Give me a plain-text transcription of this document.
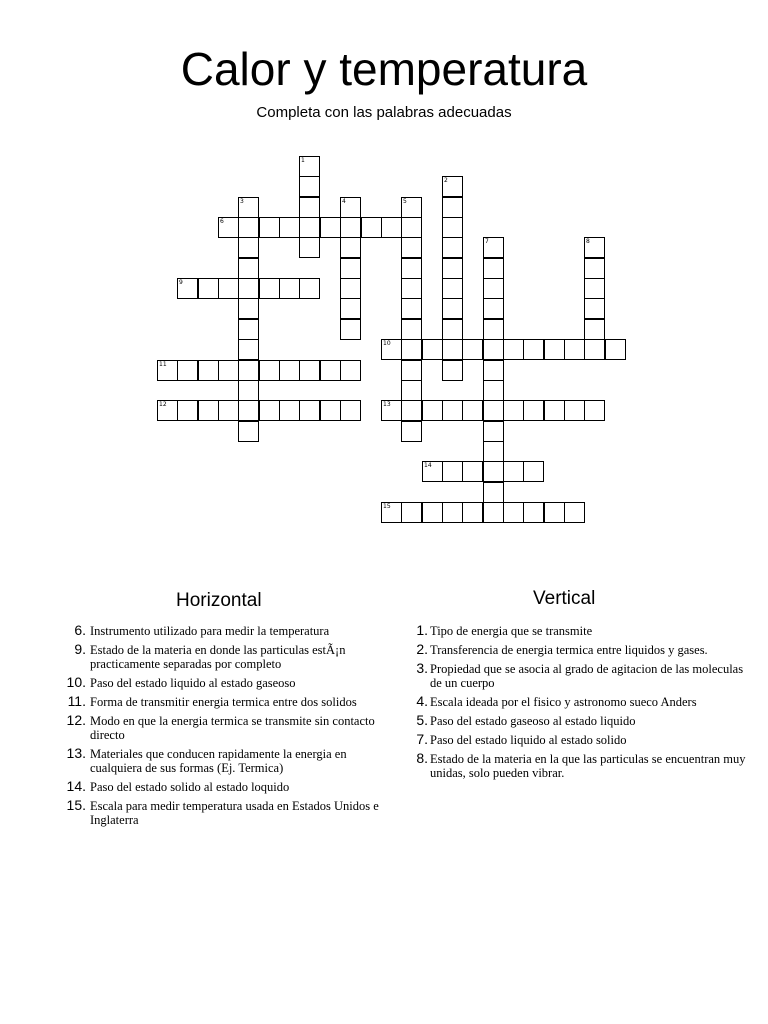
Calor y temperatura

Completa con las palabras adecuadas

1
2
3	4	5
6
7	8
9
10
11
12	13
14
15
Horizontal	Vertical
6. Instrumento utilizado para medir la temperatura
9. Estado de la materia en donde las particulas estÃ¡n practicamente separadas por completo
10. Paso del estado liquido al estado gaseoso
11. Forma de transmitir energia termica entre dos solidos
12. Modo en que la energia termica se transmite sin contacto directo
13. Materiales que conducen rapidamente la energia en cualquiera de sus formas (Ej. Termica)
14. Paso del estado solido al estado loquido
15. Escala para medir temperatura usada en Estados Unidos e Inglaterra
1. Tipo de energia que se transmite
2. Transferencia de energia termica entre liquidos y gases.
3. Propiedad que se asocia al grado de agitacion de las moleculas de un cuerpo
4. Escala ideada por el fisico y astronomo sueco Anders
5. Paso del estado gaseoso al estado liquido
7. Paso del estado liquido al estado solido
8. Estado de la materia en la que las particulas se encuentran muy unidas, solo pueden vibrar.
